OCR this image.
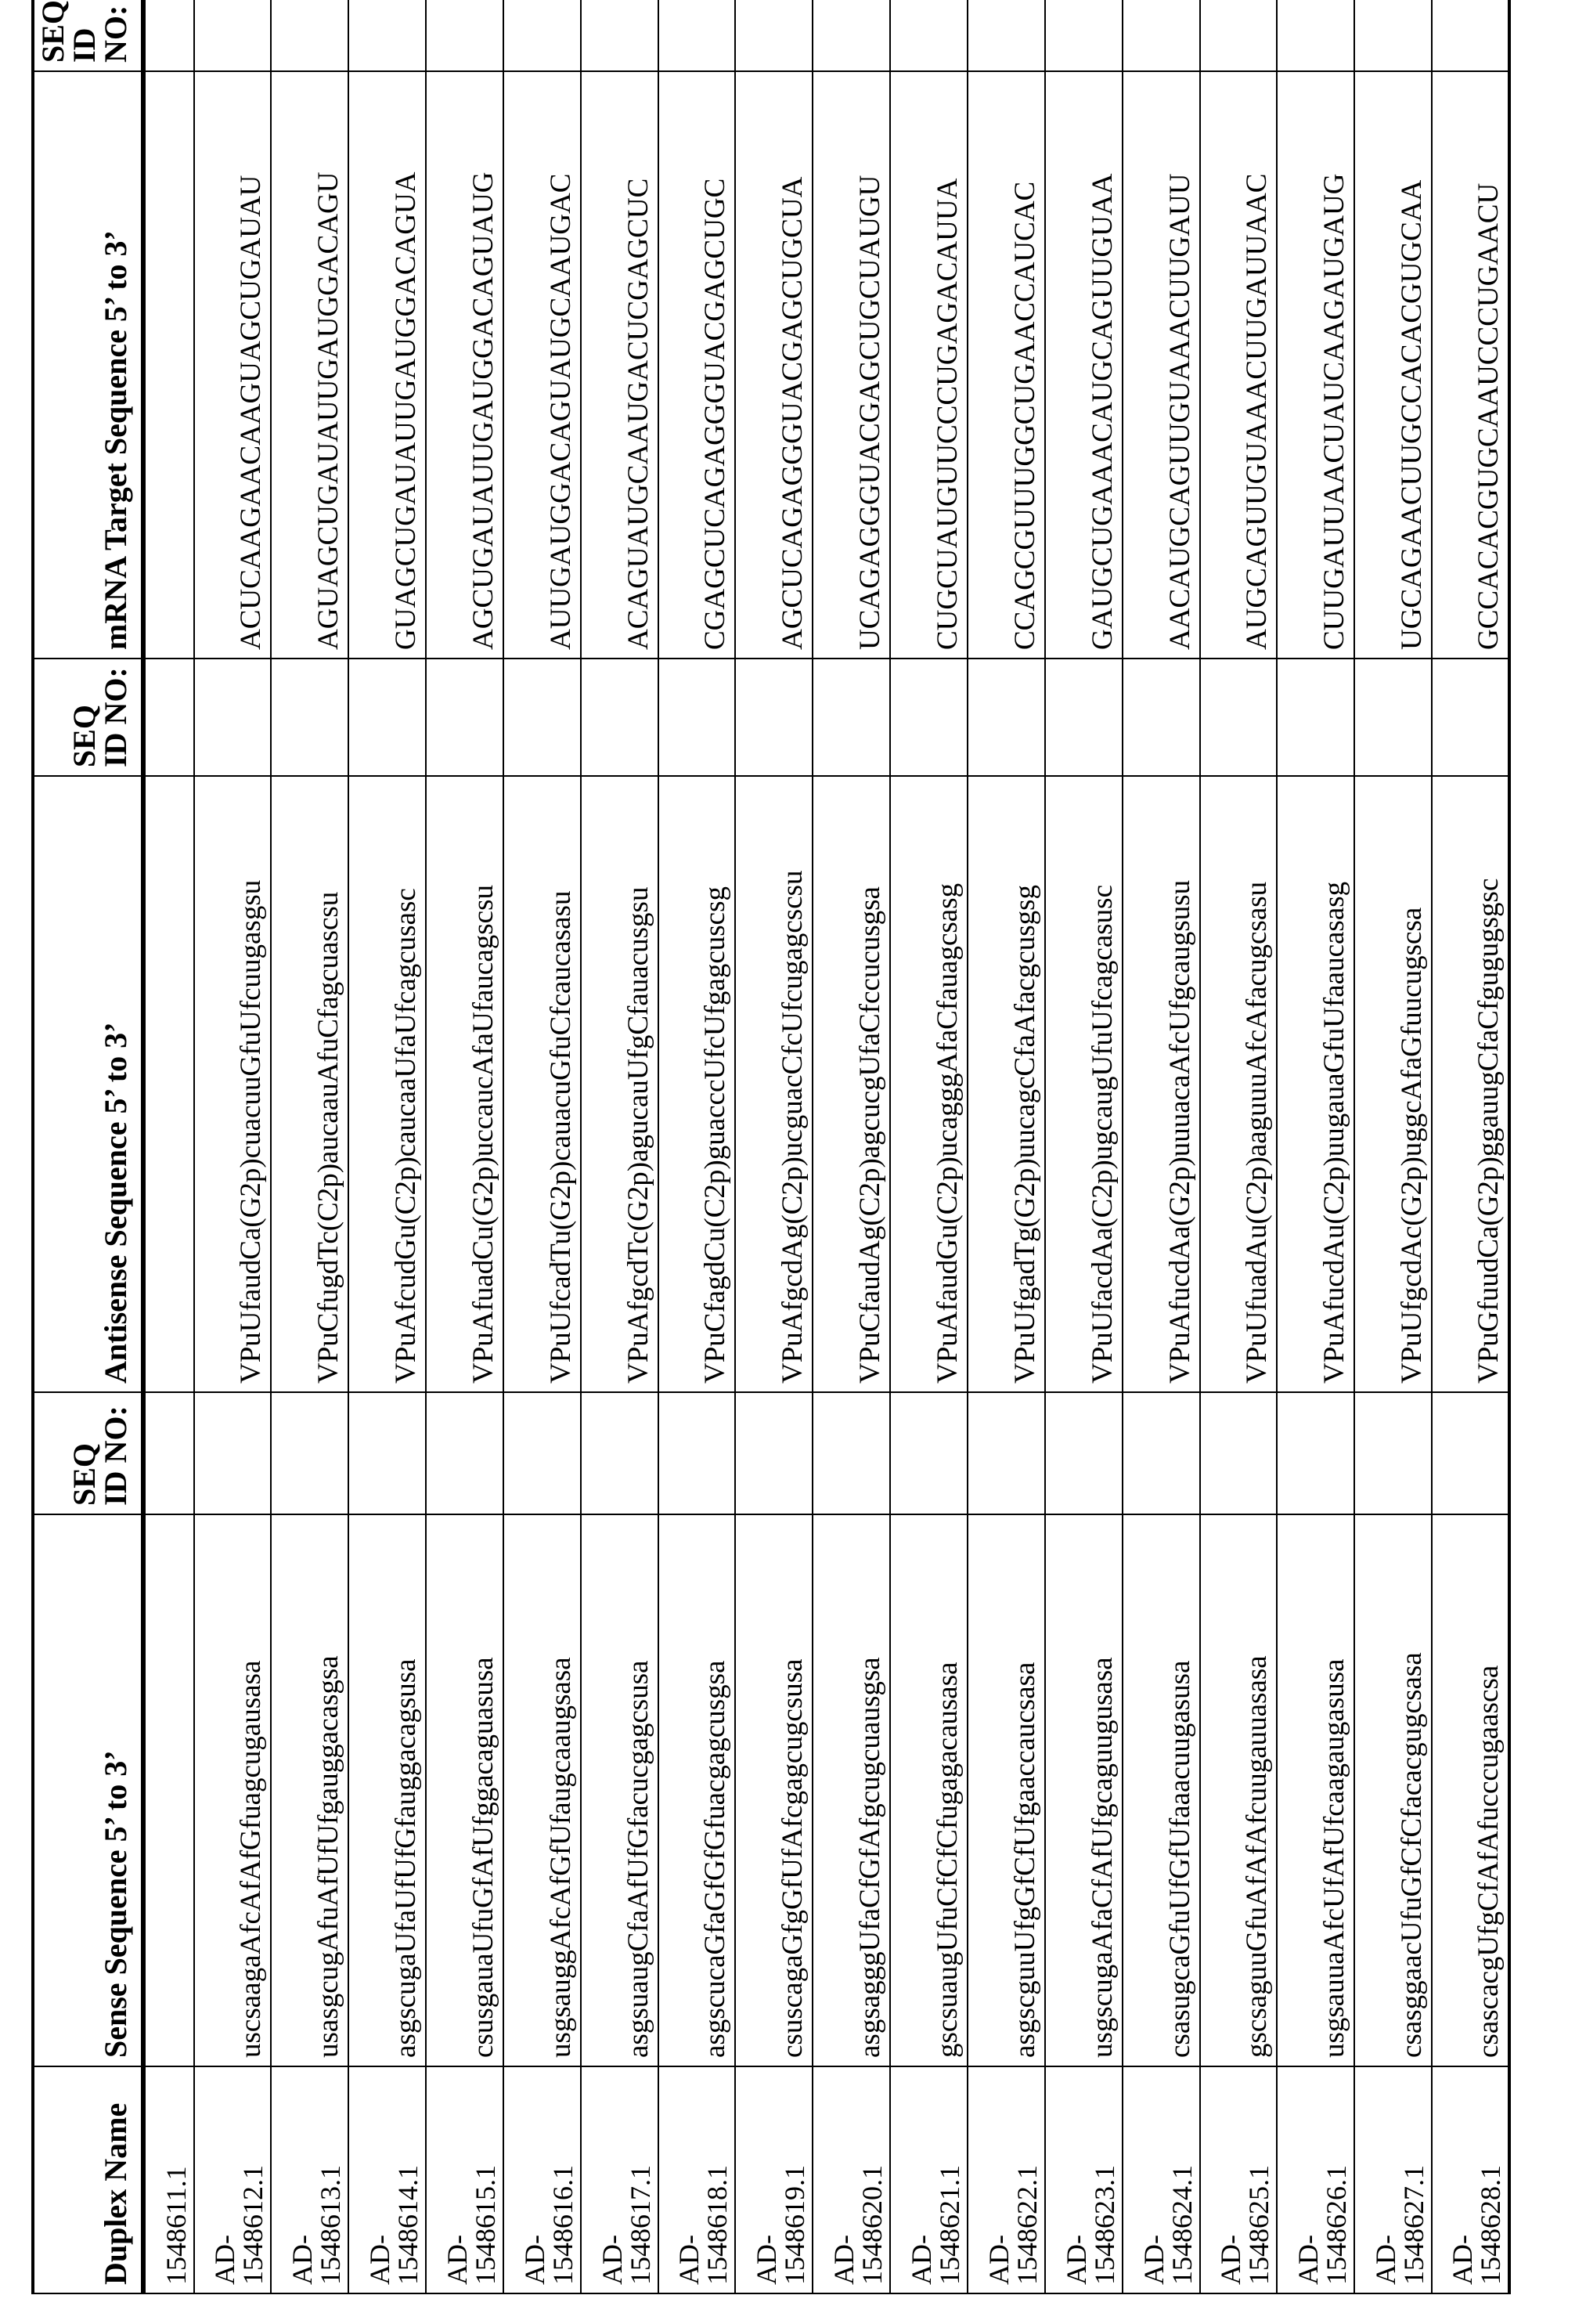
Duplex Name	Sense Sequence 5’ to 3’	SEQ ID NO:	Antisense Sequence 5’ to 3’	SEQ ID NO:	mRNA Target Sequence 5’ to 3’	SEQ ID NO:
1548611.1						
AD-
1548612.1	uscsaagaAfcAfAfGfuagcugausasa		VPuUfaudCa(G2p)cuacuuGfuUfcuugasgsu		ACUCAAGAACAAGUAGCUGAUAU	
AD-
1548613.1	usasgcugAfuAfUfUfgauggacasgsa		VPuCfugdTc(C2p)aucaauAfuCfagcuascsu		AGUAGCUGAUAUUGAUGGACAGU	
AD-
1548614.1	asgscugaUfaUfUfGfauggacagsusa		VPuAfcudGu(C2p)caucaaUfaUfcagcusasc		GUAGCUGAUAUUGAUGGACAGUA	
AD-
1548615.1	csusgauaUfuGfAfUfggacaguasusa		VPuAfuadCu(G2p)uccaucAfaUfaucagscsu		AGCUGAUAUUGAUGGACAGUAUG	
AD-
1548616.1	usgsauggAfcAfGfUfaugcaaugsasa		VPuUfcadTu(G2p)cauacuGfuCfcaucasasu		AUUGAUGGACAGUAUGCAAUGAC	
AD-
1548617.1	asgsuaugCfaAfUfGfacucgagcsusa		VPuAfgcdTc(G2p)agucauUfgCfauacusgsu		ACAGUAUGCAAUGACUCGAGCUC	
AD-
1548618.1	asgscucaGfaGfGfGfuacgagcusgsa		VPuCfagdCu(C2p)guacccUfcUfgagcuscsg		CGAGCUCAGAGGGUACGAGCUGC	
AD-
1548619.1	csuscagaGfgGfUfAfcgagcugcsusa		VPuAfgcdAg(C2p)ucguacCfcUfcugagcscsu		AGCUCAGAGGGUACGAGCUGCUA	
AD-
1548620.1	asgsagggUfaCfGfAfgcugcuausgsa		VPuCfaudAg(C2p)agcucgUfaCfccucusgsa		UCAGAGGGUACGAGCUGCUAUGU	
AD-
1548621.1	gscsuaugUfuCfCfCfugagacausasa		VPuAfaudGu(C2p)ucagggAfaCfauagcsasg		CUGCUAUGUUCCCUGAGACAUUA	
AD-
1548622.1	asgscguuUfgGfCfUfgaaccaucsasa		VPuUfgadTg(G2p)uucagcCfaAfacgcusgsg		CCAGCGUUUGGCUGAACCAUCAC	
AD-
1548623.1	usgscugaAfaCfAfUfgcaguugusasa		VPuUfacdAa(C2p)ugcaugUfuUfcagcasusc		GAUGCUGAAACAUGCAGUUGUAA	
AD-
1548624.1	csasugcaGfuUfGfUfaaacuugasusa		VPuAfucdAa(G2p)uuuacaAfcUfgcaugsusu		AACAUGCAGUUGUAAACUUGAUU	
AD-
1548625.1	gscsaguuGfuAfAfAfcuugauuasasa		VPuUfuadAu(C2p)aaguuuAfcAfacugcsasu		AUGCAGUUGUAAACUUGAUUAAC	
AD-
1548626.1	usgsauuaAfcUfAfUfcaagaugasusa		VPuAfucdAu(C2p)uugauaGfuUfaaucasasg		CUUGAUUAACUAUCAAGAUGAUG	
AD-
1548627.1	csasggaacUfuGfCfCfacacgugcsasa		VPuUfgcdAc(G2p)uggcAfaGfuucugscsa		UGCAGAACUUGCCACACGUGCAA	
AD-
1548628.1	csascacgUfgCfAfAfucccugaascsa		VPuGfuudCa(G2p)ggauugCfaCfgugugsgsc		GCCACACGUGCAAUCCCUGAACU	
